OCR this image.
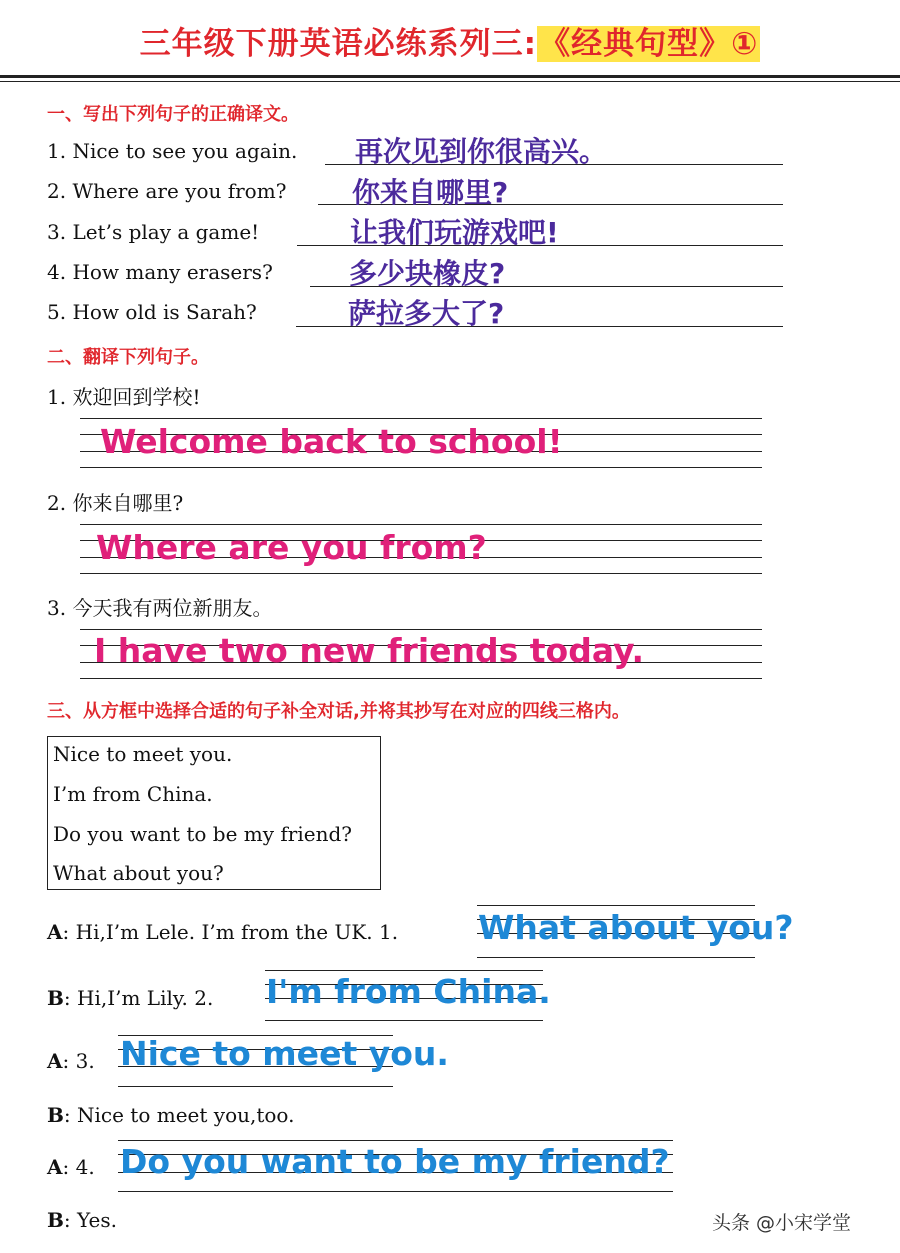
三年级下册英语必练系列三:《经典句型》①
一、写出下列句子的正确译文。
1. Nice to see you again. 再次见到你很高兴。
2. Where are you from? 你来自哪里?
3. Let’s play a game!	让我们玩游戏吧!
4. How many erasers?	多少块橡皮?
5. How old is Sarah?	萨拉多大了?
二、翻译下列句子。
1. 欢迎回到学校!
Welcome back to school!
2. 你来自哪里?
Where are you from?
3. 今天我有两位新朋友。
I have two new friends today.
三、从方框中选择合适的句子补全对话,并将其抄写在对应的四线三格内。
Nice to meet you.
I’m from China.
Do you want to be my friend?
What about you?
A: Hi,I’m Lele. I’m from the UK. 1. What about you?
B: Hi,I’m Lily. 2. I'm from China.
A: 3. Nice to meet you.
B: Nice to meet you,too.
A: 4. Do you want to be my friend?
B: Yes.	头条 @小宋学堂
